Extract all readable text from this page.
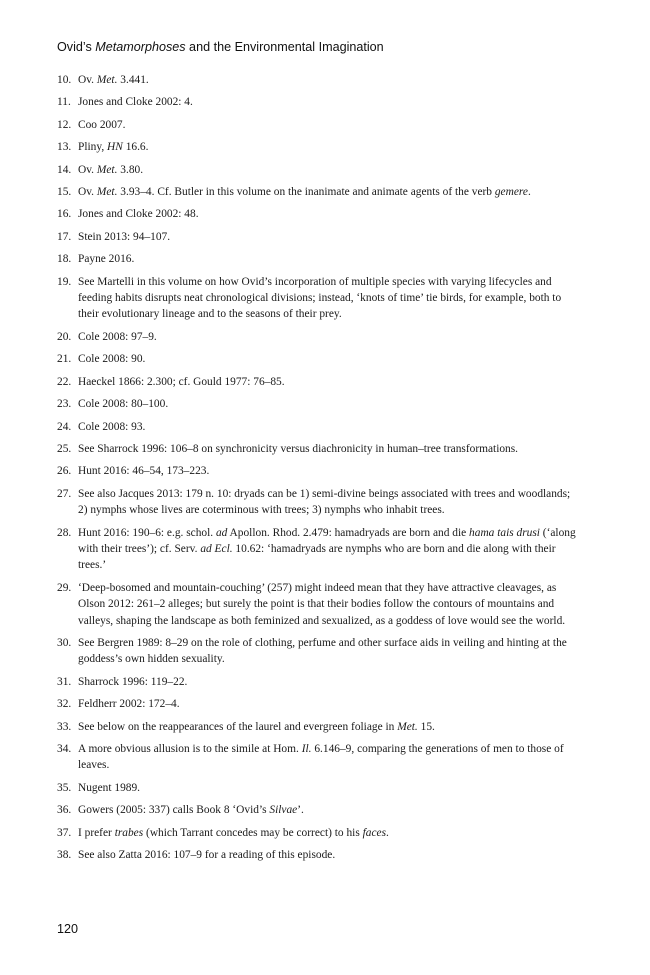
Ovid’s Metamorphoses and the Environmental Imagination
10. Ov. Met. 3.441.
11. Jones and Cloke 2002: 4.
12. Coo 2007.
13. Pliny, HN 16.6.
14. Ov. Met. 3.80.
15. Ov. Met. 3.93–4. Cf. Butler in this volume on the inanimate and animate agents of the verb gemere.
16. Jones and Cloke 2002: 48.
17. Stein 2013: 94–107.
18. Payne 2016.
19. See Martelli in this volume on how Ovid’s incorporation of multiple species with varying lifecycles and feeding habits disrupts neat chronological divisions; instead, ‘knots of time’ tie birds, for example, both to their evolutionary lineage and to the seasons of their prey.
20. Cole 2008: 97–9.
21. Cole 2008: 90.
22. Haeckel 1866: 2.300; cf. Gould 1977: 76–85.
23. Cole 2008: 80–100.
24. Cole 2008: 93.
25. See Sharrock 1996: 106–8 on synchronicity versus diachronicity in human–tree transformations.
26. Hunt 2016: 46–54, 173–223.
27. See also Jacques 2013: 179 n. 10: dryads can be 1) semi-divine beings associated with trees and woodlands; 2) nymphs whose lives are coterminous with trees; 3) nymphs who inhabit trees.
28. Hunt 2016: 190–6: e.g. schol. ad Apollon. Rhod. 2.479: hamadryads are born and die hama tais drusi (‘along with their trees’); cf. Serv. ad Ecl. 10.62: ‘hamadryads are nymphs who are born and die along with their trees.’
29. ‘Deep-bosomed and mountain-couching’ (257) might indeed mean that they have attractive cleavages, as Olson 2012: 261–2 alleges; but surely the point is that their bodies follow the contours of mountains and valleys, shaping the landscape as both feminized and sexualized, as a goddess of love would see the world.
30. See Bergren 1989: 8–29 on the role of clothing, perfume and other surface aids in veiling and hinting at the goddess’s own hidden sexuality.
31. Sharrock 1996: 119–22.
32. Feldherr 2002: 172–4.
33. See below on the reappearances of the laurel and evergreen foliage in Met. 15.
34. A more obvious allusion is to the simile at Hom. Il. 6.146–9, comparing the generations of men to those of leaves.
35. Nugent 1989.
36. Gowers (2005: 337) calls Book 8 ‘Ovid’s Silvae’.
37. I prefer trabes (which Tarrant concedes may be correct) to his faces.
38. See also Zatta 2016: 107–9 for a reading of this episode.
120
